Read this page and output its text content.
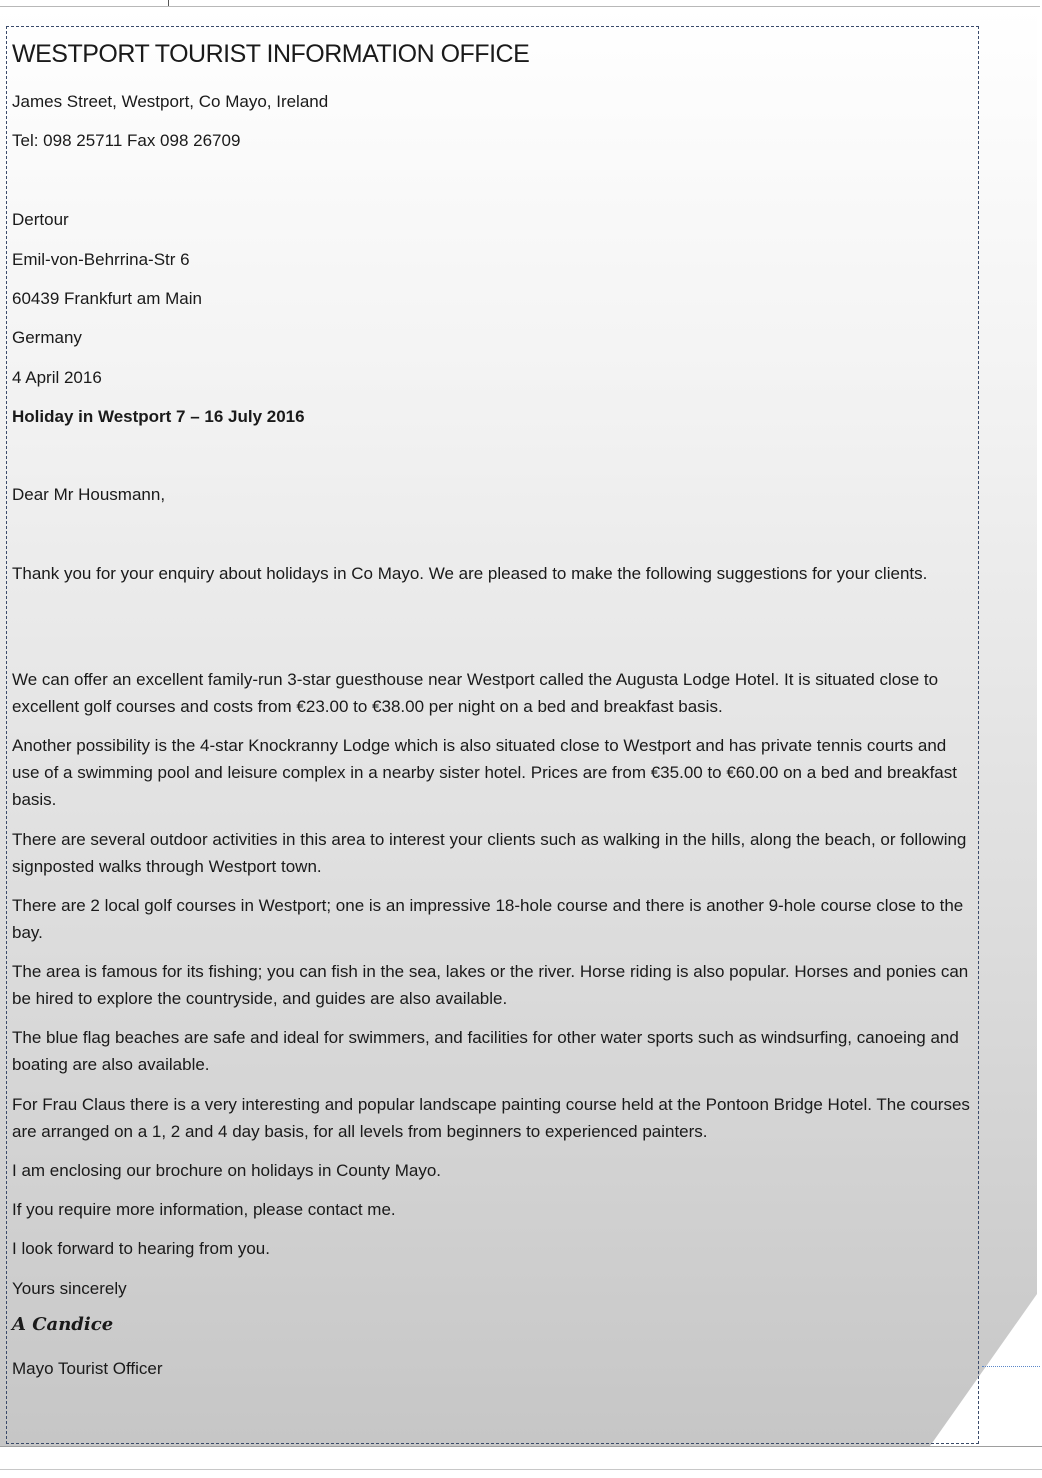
WESTPORT TOURIST INFORMATION OFFICE
James Street, Westport, Co Mayo, Ireland
Tel: 098 25711 Fax 098 26709
Dertour
Emil-von-Behrrina-Str 6
60439 Frankfurt am Main
Germany
4 April 2016
Holiday in Westport 7 – 16 July 2016
Dear Mr Housmann,
Thank you for your enquiry about holidays in Co Mayo. We are pleased to make the following suggestions for your clients.
We can offer an excellent family-run 3-star guesthouse near Westport called the Augusta Lodge Hotel. It is situated close to excellent golf courses and costs from €23.00 to €38.00 per night on a bed and breakfast basis.
Another possibility is the 4-star Knockranny Lodge which is also situated close to Westport and has private tennis courts and use of a swimming pool and leisure complex in a nearby sister hotel. Prices are from €35.00 to €60.00 on a bed and breakfast basis.
There are several outdoor activities in this area to interest your clients such as walking in the hills, along the beach, or following signposted walks through Westport town.
There are 2 local golf courses in Westport; one is an impressive 18-hole course and there is another 9-hole course close to the bay.
The area is famous for its fishing; you can fish in the sea, lakes or the river. Horse riding is also popular. Horses and ponies can be hired to explore the countryside, and guides are also available.
The blue flag beaches are safe and ideal for swimmers, and facilities for other water sports such as windsurfing, canoeing and boating are also available.
For Frau Claus there is a very interesting and popular landscape painting course held at the Pontoon Bridge Hotel. The courses are arranged on a 1, 2 and 4 day basis, for all levels from beginners to experienced painters.
I am enclosing our brochure on holidays in County Mayo.
If you require more information, please contact me.
I look forward to hearing from you.
Yours sincerely
A Candice
Mayo Tourist Officer
